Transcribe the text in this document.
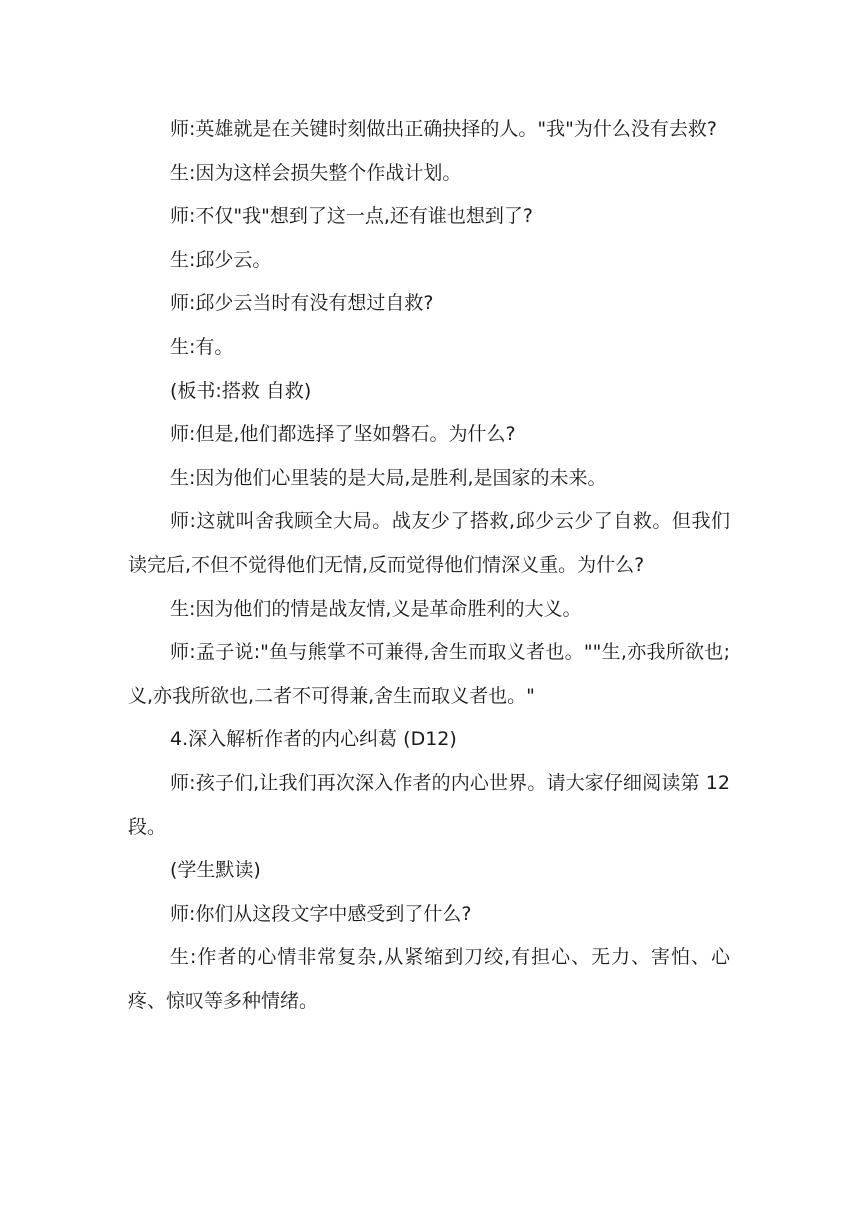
师:英雄就是在关键时刻做出正确抉择的人。"我"为什么没有去救?

生:因为这样会损失整个作战计划。

师:不仅"我"想到了这一点,还有谁也想到了?

生:邱少云。

师:邱少云当时有没有想过自救?

生:有。

(板书:搭救 自救)

师:但是,他们都选择了坚如磐石。为什么?

生:因为他们心里装的是大局,是胜利,是国家的未来。

师:这就叫舍我顾全大局。战友少了搭救,邱少云少了自救。但我们读完后,不但不觉得他们无情,反而觉得他们情深义重。为什么?

生:因为他们的情是战友情,义是革命胜利的大义。

师:孟子说:"鱼与熊掌不可兼得,舍生而取义者也。""生,亦我所欲也;义,亦我所欲也,二者不可得兼,舍生而取义者也。"

4.深入解析作者的内心纠葛 (D12)

师:孩子们,让我们再次深入作者的内心世界。请大家仔细阅读第 12 段。

(学生默读)

师:你们从这段文字中感受到了什么?

生:作者的心情非常复杂,从紧缩到刀绞,有担心、无力、害怕、心疼、惊叹等多种情绪。
